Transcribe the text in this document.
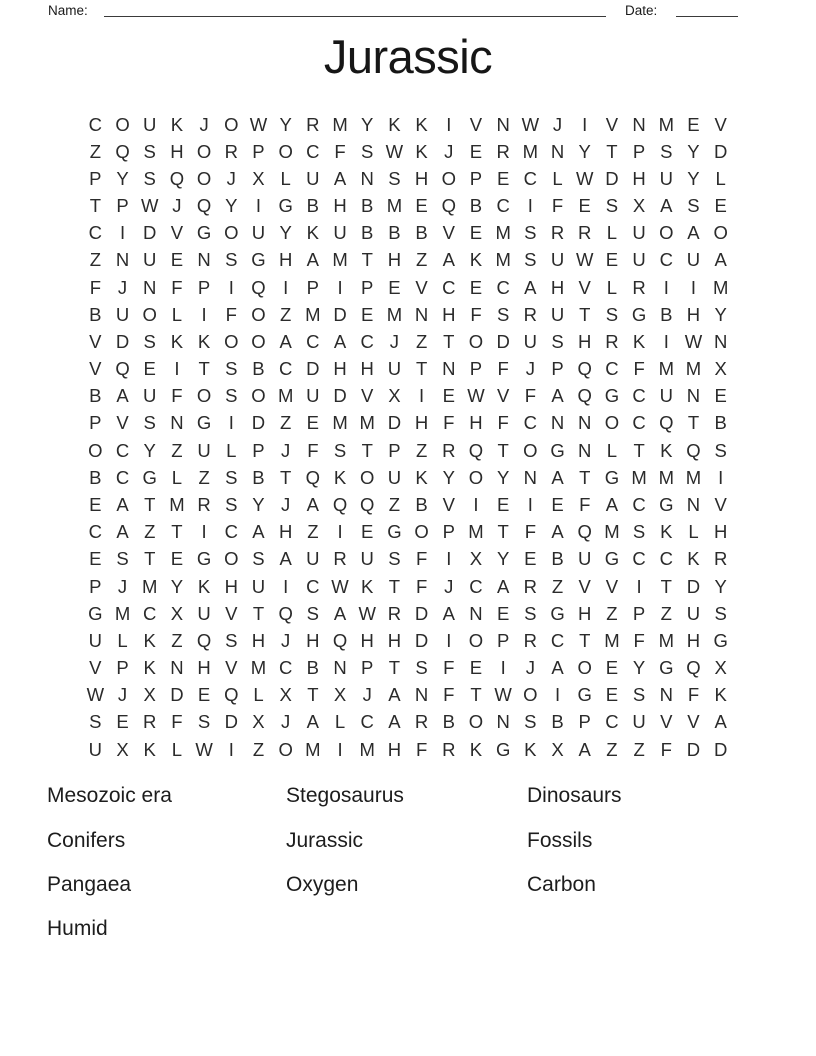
Name:	Date:
Jurassic
C O U K J O W Y R M Y K K I V N W J	I V N M E V
Z Q S H O R P O C F S W K J E R M N Y T P S Y D
P Y S Q O J X L U A N S H O P E C L W D H U Y L
T P W J Q Y I G B H B M E Q B C I	F E S X A S E
C I D V G O U Y K U B B B V E M S R R L U O A O
Z N U E N S G H A M T H Z A K M S U W E U C U A
F J N F P I Q I P I P E V C E C A H V L R I	I M
B U O L	I	F O Z M D E M N H F S R U T S G B H Y
V D S K K O O A C A C J Z T O D U S H R K I W N
V Q E I	T S B C D H H U T N P F J P Q C F M M X
B A U F O S O M U D V X I E W V F A Q G C U N E
P V S N G I D Z E M M D H F H F C N N O C Q T B
O C Y Z U L P J F S T P Z R Q T O G N L T K Q S
B C G L Z S B T Q K O U K Y O Y N A T G M M M I
E A T M R S Y J A Q Q Z B V I E I E F A C G N V
C A Z T	I C A H Z	I E G O P M T F A Q M S K L H
E S T E G O S A U R U S F	I X Y E B U G C C K R
P J M Y K H U I C W K T F J C A R Z V V I	T D Y
G M C X U V T Q S A W R D A N E S G H Z P Z U S
U L K Z Q S H J H Q H H D I O P R C T M F M H G
V P K N H V M C B N P T S F E I	J A O E Y G Q X
W J X D E Q L X T X J A N F T W O I G E S N F K
S E R F S D X J A L C A R B O N S B P C U V V A
U X K L W I	Z O M I M H F R K G K X A Z Z F D D
Mesozoic era
Conifers
Pangaea
Humid
Stegosaurus
Jurassic
Oxygen
Dinosaurs
Fossils
Carbon
